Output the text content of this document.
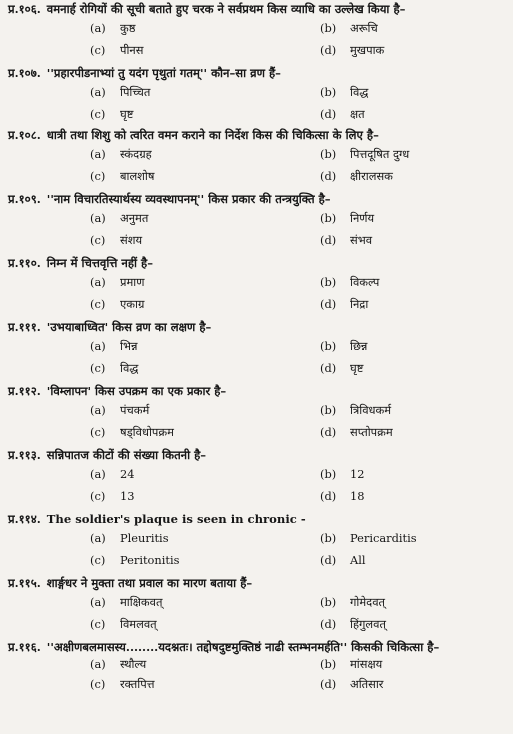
प्र.१०६. वमनार्ह रोगियों की सूची बताते हुए चरक ने सर्वप्रथम किस व्याधि का उल्लेख किया है–
(a) कुष्ठ	(b) अरूचि
(c) पीनस	(d) मुखपाक
प्र.१०७. ''प्रहारपीडनाभ्यां तु यदंग पृथुतां गतम्'' कौन–सा व्रण हैं–
(a) पिच्चित	(b) विद्ध
(c) घृष्ट	(d) क्षत
प्र.१०८. धात्री तथा शिशु को त्वरित वमन कराने का निर्देश किस की चिकित्सा के लिए है–
(a) स्कंदग्रह	(b) पित्तदूषित दुग्ध
(c) बालशोष	(d) क्षीरालसक
प्र.१०९. ''नाम विचारतिस्यार्थस्य व्यवस्थापनम्'' किस प्रकार की तन्त्रयुक्ति है–
(a) अनुमत	(b) निर्णय
(c) संशय	(d) संभव
प्र.११०. निम्न में चित्तवृत्ति नहीं है–
(a) प्रमाण	(b) विकल्प
(c) एकाग्र	(d) निद्रा
प्र.१११. 'उभयाबाध्वित' किस व्रण का लक्षण है–
(a) भिन्न	(b) छिन्न
(c) विद्ध	(d) घृष्ट
प्र.११२. 'विम्लापन' किस उपक्रम का एक प्रकार है–
(a) पंचकर्म	(b) त्रिविधकर्म
(c) षड्विधोपक्रम	(d) सप्तोपक्रम
प्र.११३. सन्निपातज कीटों की संख्या कितनी है–
(a) 24	(b) 12
(c) 13	(d) 18
प्र.११४. The soldier's plaque is seen in chronic -
(a) Pleuritis	(b) Pericarditis
(c) Peritonitis	(d) All
प्र.११५. शार्ङ्गधर ने मुक्ता तथा प्रवाल का मारण बताया हैं–
(a) माक्षिकवत्	(b) गोमेदवत्
(c) विमलवत्	(d) हिंगुलवत्
प्र.११६. ''अक्षीणबलमासस्य........यदश्नतः। तद्दोषदुष्टमुक्तिष्ठं नाढी स्तम्भनमर्हति'' किसकी चिकित्सा है–
(a) स्थौल्य	(b) मांसक्षय
(c) रक्तपित्त	(d) अतिसार
